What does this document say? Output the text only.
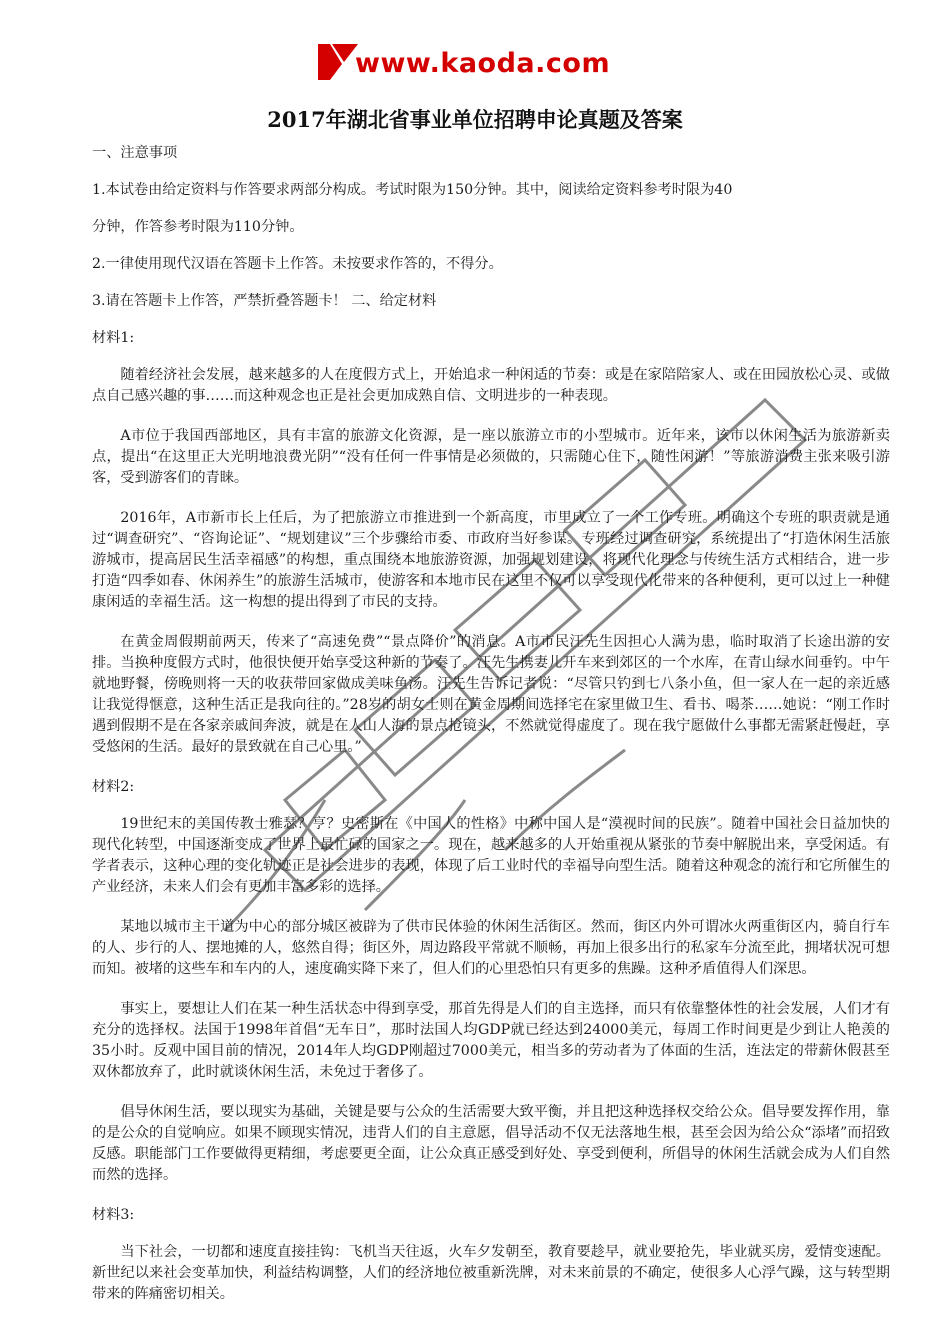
www.kaoda.com
2017年湖北省事业单位招聘申论真题及答案

一、注意事项

1.本试卷由给定资料与作答要求两部分构成。考试时限为150分钟。其中，阅读给定资料参考时限为40

分钟，作答参考时限为110分钟。

2.一律使用现代汉语在答题卡上作答。未按要求作答的，不得分。

3.请在答题卡上作答，严禁折叠答题卡！ 二、给定材料

材料1:

随着经济社会发展，越来越多的人在度假方式上，开始追求一种闲适的节奏：或是在家陪陪家人、或在田园放松心灵、或做点自己感兴趣的事……而这种观念也正是社会更加成熟自信、文明进步的一种表现。

A市位于我国西部地区，具有丰富的旅游文化资源，是一座以旅游立市的小型城市。近年来，该市以休闲生活为旅游新卖点，提出“在这里正大光明地浪费光阴”“没有任何一件事情是必须做的，只需随心住下，随性闲游！”等旅游消费主张来吸引游客，受到游客们的青睐。

2016年，A市新市长上任后，为了把旅游立市推进到一个新高度，市里成立了一个工作专班。明确这个专班的职责就是通过“调查研究”、“咨询论证”、“规划建议”三个步骤给市委、市政府当好参谋。专班经过调查研究，系统提出了“打造休闲生活旅游城市，提高居民生活幸福感”的构想，重点围绕本地旅游资源，加强规划建设，将现代化理念与传统生活方式相结合，进一步打造“四季如春、休闲养生”的旅游生活城市，使游客和本地市民在这里不仅可以享受现代化带来的各种便利，更可以过上一种健康闲适的幸福生活。这一构想的提出得到了市民的支持。

在黄金周假期前两天，传来了“高速免费”“景点降价”的消息。A市市民汪先生因担心人满为患，临时取消了长途出游的安排。当换种度假方式时，他很快便开始享受这种新的节奏了。汪先生携妻儿开车来到郊区的一个水库，在青山绿水间垂钓。中午就地野餐，傍晚则将一天的收获带回家做成美味鱼汤。汪先生告诉记者说：“尽管只钓到七八条小鱼，但一家人在一起的亲近感让我觉得惬意，这种生活正是我向往的。”28岁的胡女士则在黄金周期间选择宅在家里做卫生、看书、喝茶……她说：“刚工作时遇到假期不是在各家亲戚间奔波，就是在人山人海的景点抢镜头，不然就觉得虚度了。现在我宁愿做什么事都无需紧赶慢赶，享受悠闲的生活。最好的景致就在自己心里。”

材料2:

19世纪末的美国传教士雅瑟？亨？史密斯在《中国人的性格》中称中国人是“漠视时间的民族”。随着中国社会日益加快的现代化转型，中国逐渐变成了世界上最忙碌的国家之一。现在，越来越多的人开始重视从紧张的节奏中解脱出来，享受闲适。有学者表示，这种心理的变化轨迹正是社会进步的表现，体现了后工业时代的幸福导向型生活。随着这种观念的流行和它所催生的产业经济，未来人们会有更加丰富多彩的选择。

某地以城市主干道为中心的部分城区被辟为了供市民体验的休闲生活街区。然而，街区内外可谓冰火两重街区内，骑自行车的人、步行的人、摆地摊的人，悠然自得；街区外，周边路段平常就不顺畅，再加上很多出行的私家车分流至此，拥堵状况可想而知。被堵的这些车和车内的人，速度确实降下来了，但人们的心里恐怕只有更多的焦躁。这种矛盾值得人们深思。

事实上，要想让人们在某一种生活状态中得到享受，那首先得是人们的自主选择，而只有依靠整体性的社会发展，人们才有充分的选择权。法国于1998年首倡“无车日”，那时法国人均GDP就已经达到24000美元，每周工作时间更是少到让人艳羡的35小时。反观中国目前的情况，2014年人均GDP刚超过7000美元，相当多的劳动者为了体面的生活，连法定的带薪休假甚至双休都放弃了，此时就谈休闲生活，未免过于奢侈了。

倡导休闲生活，要以现实为基础，关键是要与公众的生活需要大致平衡，并且把这种选择权交给公众。倡导要发挥作用，靠的是公众的自觉响应。如果不顾现实情况，违背人们的自主意愿，倡导活动不仅无法落地生根，甚至会因为给公众“添堵”而招致反感。职能部门工作要做得更精细，考虑要更全面，让公众真正感受到好处、享受到便利，所倡导的休闲生活就会成为人们自然而然的选择。

材料3:

当下社会，一切都和速度直接挂钩：飞机当天往返，火车夕发朝至，教育要趁早，就业要抢先，毕业就买房，爱情变速配。新世纪以来社会变革加快，利益结构调整，人们的经济地位被重新洗牌，对未来前景的不确定，使很多人心浮气躁，这与转型期带来的阵痛密切相关。
